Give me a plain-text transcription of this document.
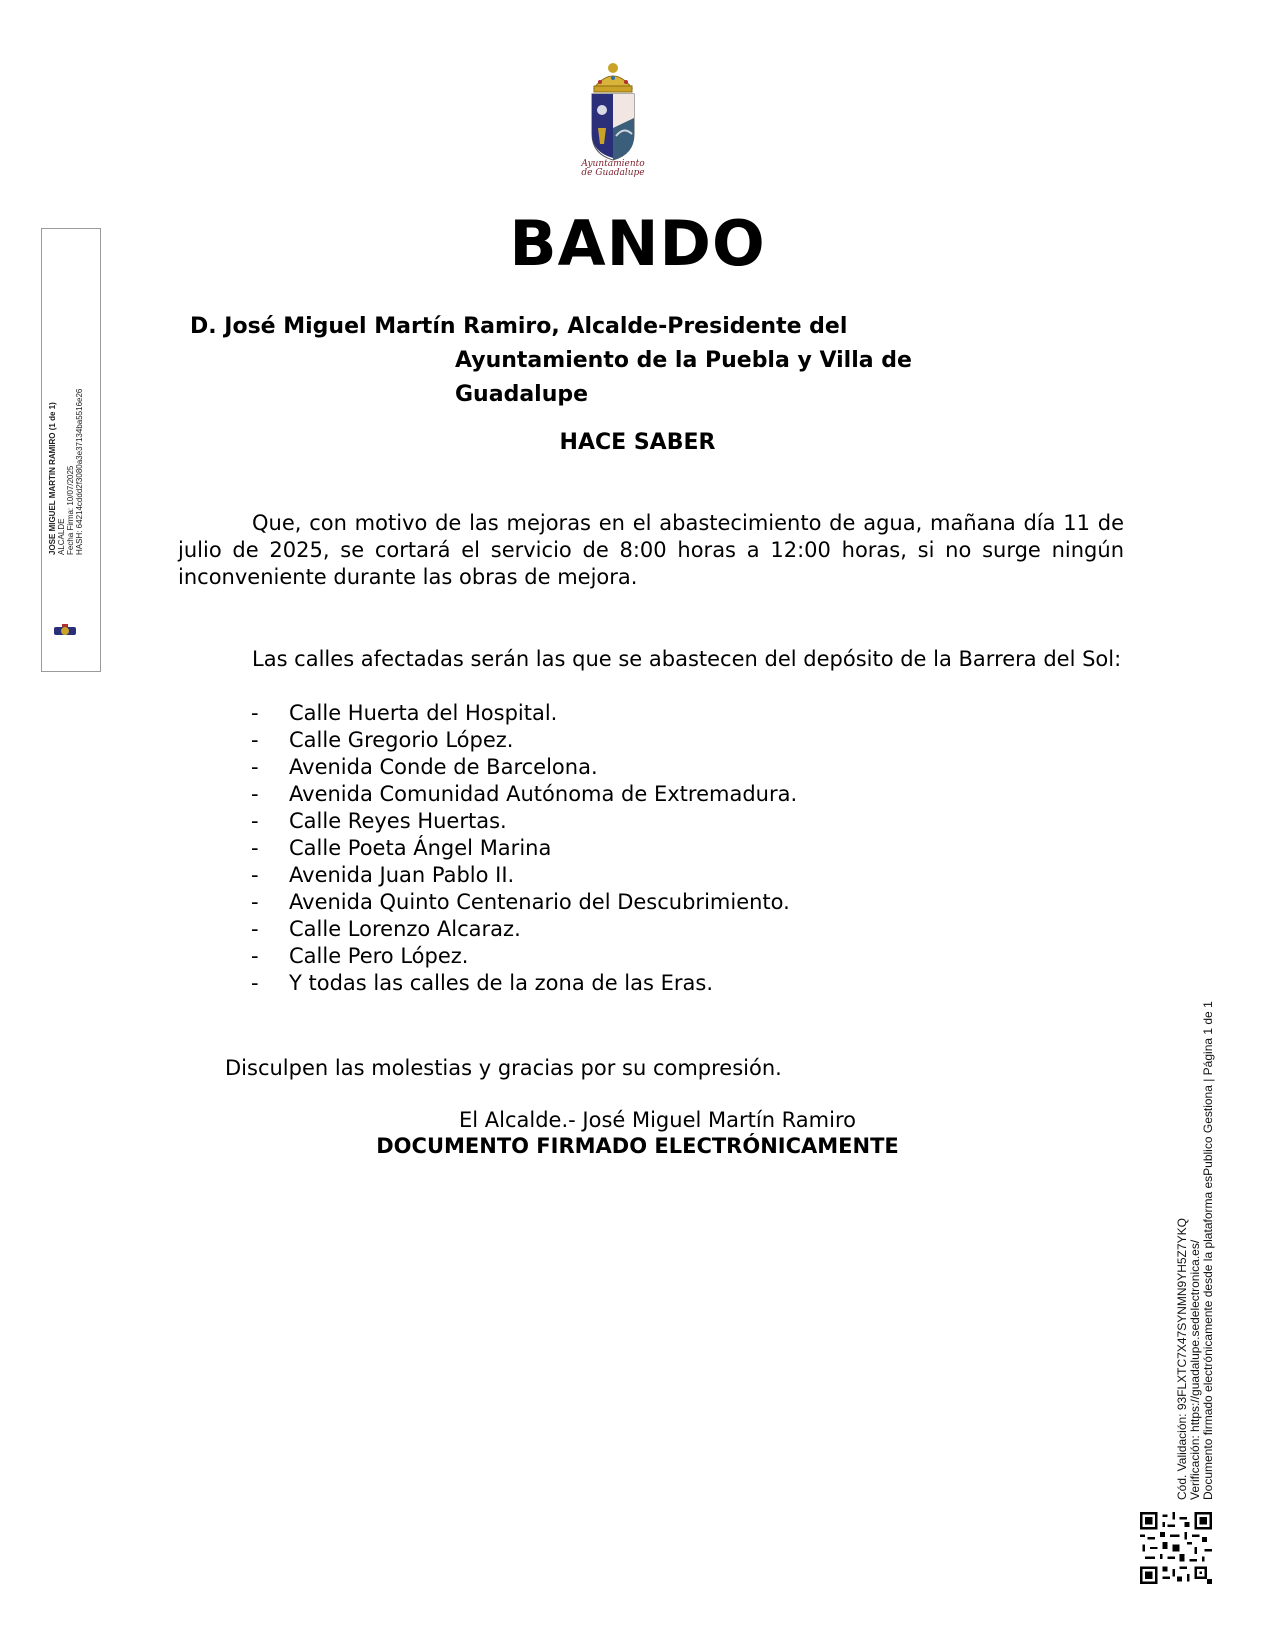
Ayuntamiento
de Guadalupe
BANDO
D. José Miguel Martín Ramiro, Alcalde-Presidente del
Ayuntamiento de la Puebla y Villa de
Guadalupe
HACE SABER

Que, con motivo de las mejoras en el abastecimiento de agua, mañana día 11 de julio de 2025, se cortará el servicio de 8:00 horas a 12:00 horas, si no surge ningún inconveniente durante las obras de mejora.

Las calles afectadas serán las que se abastecen del depósito de la Barrera del Sol:

- Calle Huerta del Hospital.
- Calle Gregorio López.
- Avenida Conde de Barcelona.
- Avenida Comunidad Autónoma de Extremadura.
- Calle Reyes Huertas.
- Calle Poeta Ángel Marina
- Avenida Juan Pablo II.
- Avenida Quinto Centenario del Descubrimiento.
- Calle Lorenzo Alcaraz.
- Calle Pero López.
- Y todas las calles de la zona de las Eras.
Disculpen las molestias y gracias por su compresión.
El Alcalde.- José Miguel Martín Ramiro
DOCUMENTO FIRMADO ELECTRÓNICAMENTE
JOSE MIGUEL MARTIN RAMIRO (1 de 1) ALCALDE Fecha Firma: 10/07/2025 HASH: 64214cddd2f3080a3e37134ba5516e26
Cód. Validación: 93FLXTC7X47SYNMN9YH5Z7YKQ Verificación: https://guadalupe.sedelectronica.es/ Documento firmado electrónicamente desde la plataforma esPublico Gestiona | Página 1 de 1
